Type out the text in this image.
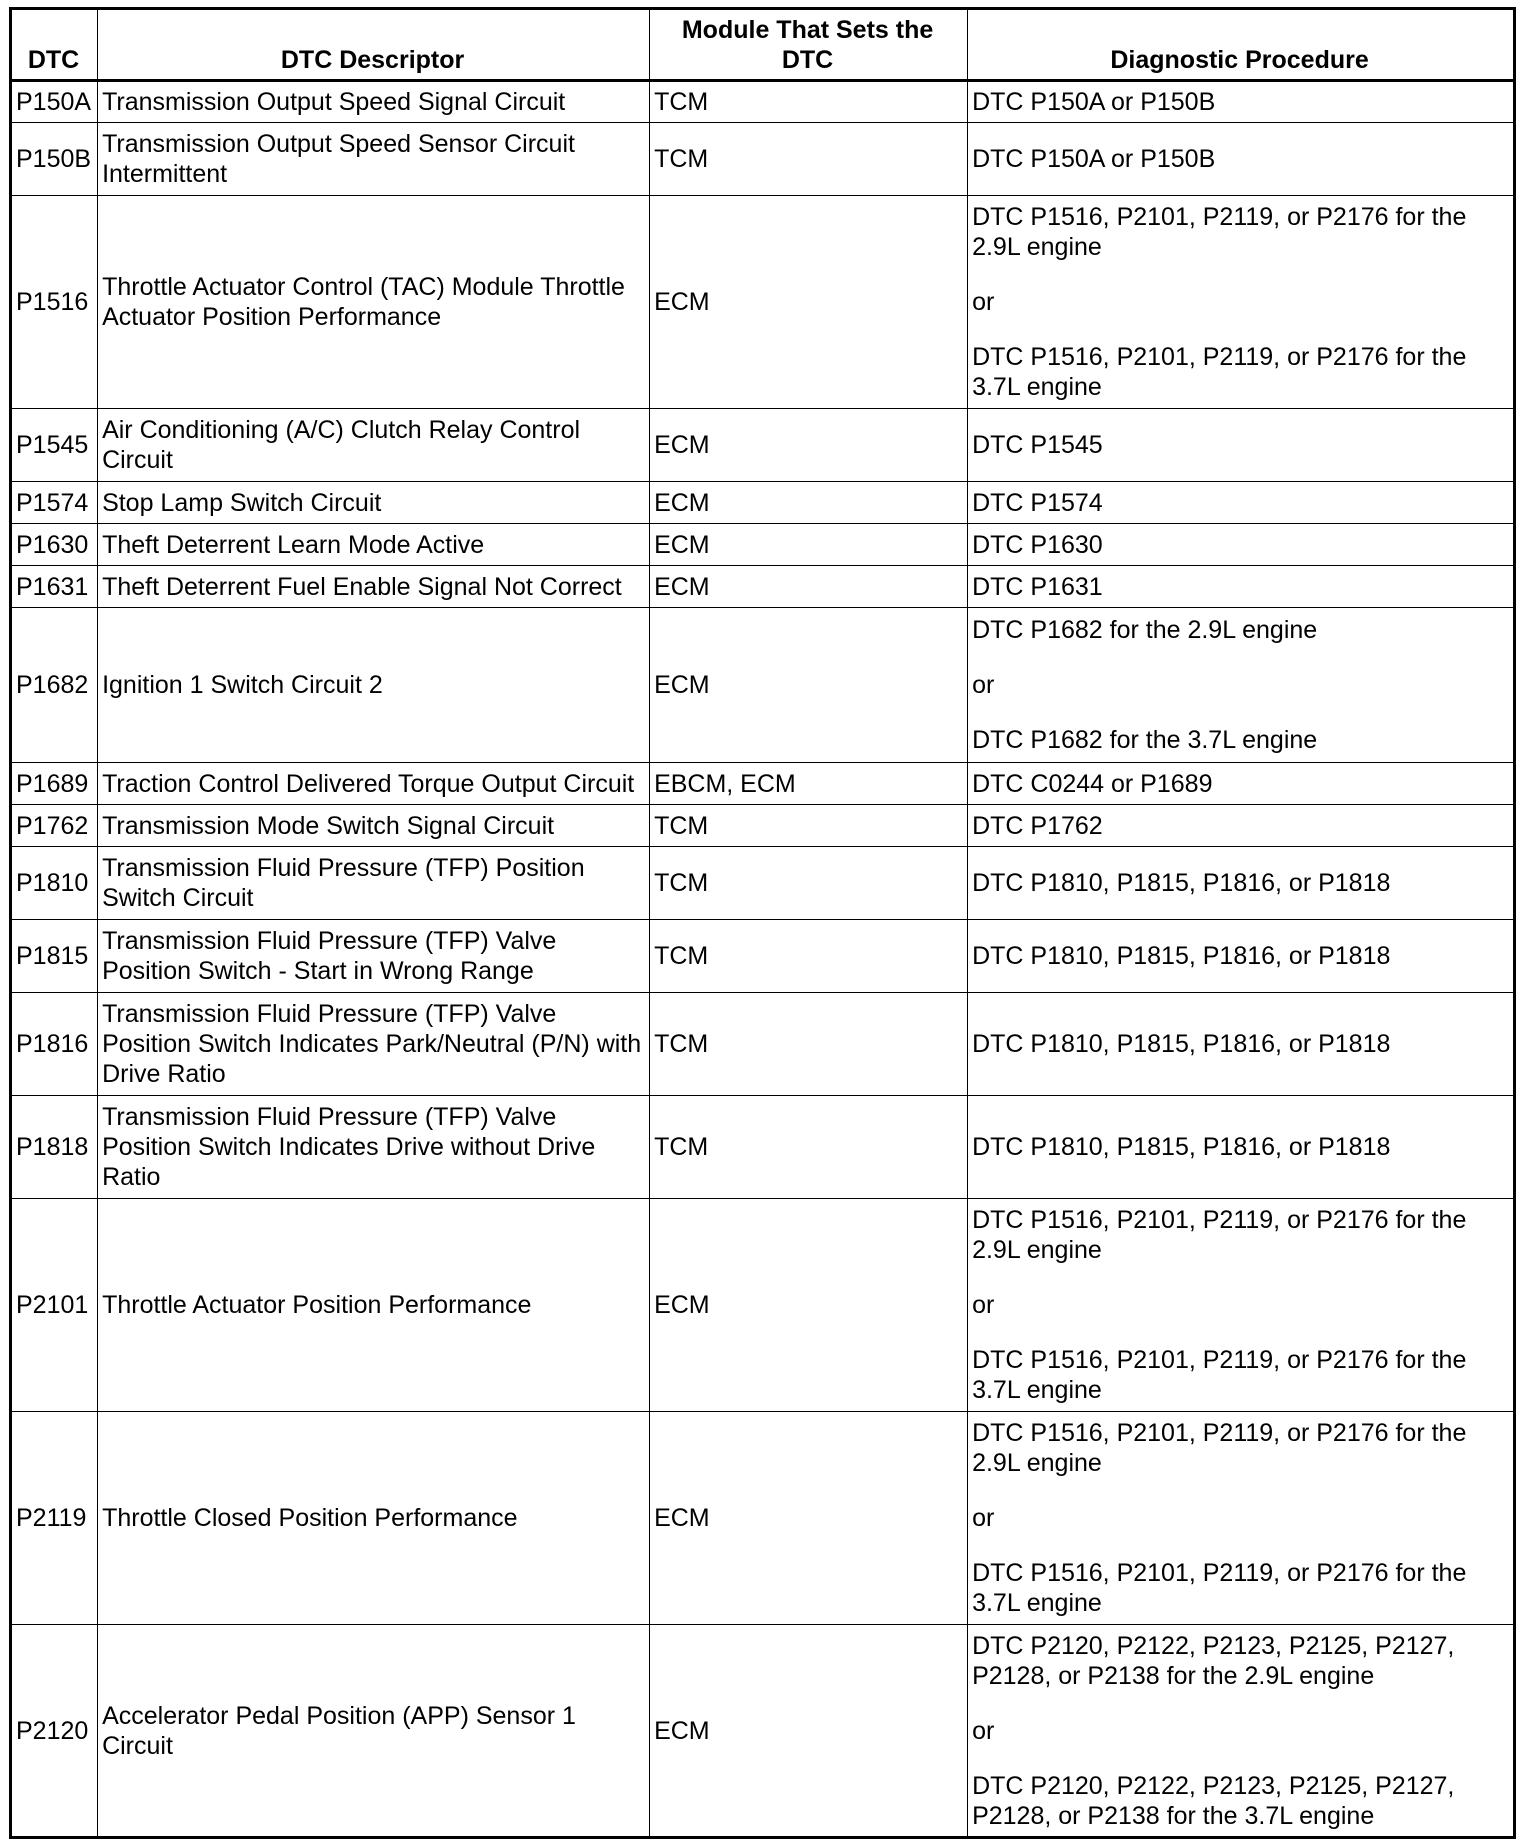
DTC	DTC Descriptor	Module That Sets the
DTC	Diagnostic Procedure
P150A	Transmission Output Speed Signal Circuit	TCM	DTC P150A or P150B

P150B	Transmission Output Speed Sensor Circuit Intermittent	TCM	DTC P150A or P150B

P1516	Throttle Actuator Control (TAC) Module Throttle Actuator Position Performance	ECM	DTC P1516, P2101, P2119, or P2176 for the 2.9L engine

or

DTC P1516, P2101, P2119, or P2176 for the 3.7L engine

P1545	Air Conditioning (A/C) Clutch Relay Control Circuit	ECM	DTC P1545

P1574	Stop Lamp Switch Circuit	ECM	DTC P1574

P1630	Theft Deterrent Learn Mode Active	ECM	DTC P1630

P1631	Theft Deterrent Fuel Enable Signal Not Correct	ECM	DTC P1631

P1682	Ignition 1 Switch Circuit 2	ECM	DTC P1682 for the 2.9L engine

or

DTC P1682 for the 3.7L engine

P1689	Traction Control Delivered Torque Output Circuit	EBCM, ECM	DTC C0244 or P1689

P1762	Transmission Mode Switch Signal Circuit	TCM	DTC P1762

P1810	Transmission Fluid Pressure (TFP) Position Switch Circuit	TCM	DTC P1810, P1815, P1816, or P1818

P1815	Transmission Fluid Pressure (TFP) Valve Position Switch - Start in Wrong Range	TCM	DTC P1810, P1815, P1816, or P1818

P1816	Transmission Fluid Pressure (TFP) Valve Position Switch Indicates Park/Neutral (P/N) with Drive Ratio	TCM	DTC P1810, P1815, P1816, or P1818

P1818	Transmission Fluid Pressure (TFP) Valve Position Switch Indicates Drive without Drive Ratio	TCM	DTC P1810, P1815, P1816, or P1818

P2101	Throttle Actuator Position Performance	ECM	DTC P1516, P2101, P2119, or P2176 for the 2.9L engine

or

DTC P1516, P2101, P2119, or P2176 for the 3.7L engine

P2119	Throttle Closed Position Performance	ECM	DTC P1516, P2101, P2119, or P2176 for the 2.9L engine

or

DTC P1516, P2101, P2119, or P2176 for the 3.7L engine

P2120	Accelerator Pedal Position (APP) Sensor 1 Circuit	ECM	DTC P2120, P2122, P2123, P2125, P2127, P2128, or P2138 for the 2.9L engine

or

DTC P2120, P2122, P2123, P2125, P2127, P2128, or P2138 for the 3.7L engine
